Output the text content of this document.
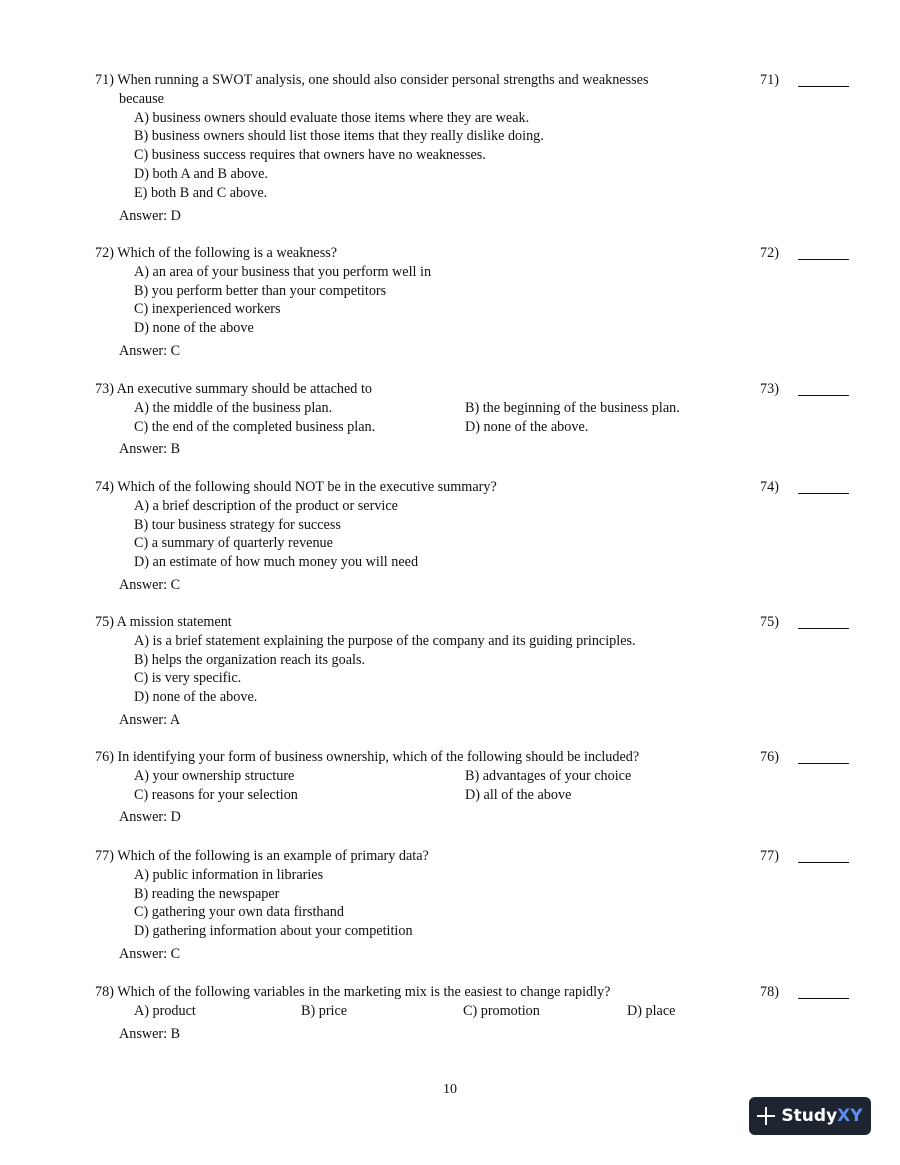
71) When running a SWOT analysis, one should also consider personal strengths and weaknesses
because
A) business owners should evaluate those items where they are weak.
B) business owners should list those items that they really dislike doing.
C) business success requires that owners have no weaknesses.
D) both A and B above.
E) both B and C above.
Answer: D
71)
72) Which of the following is a weakness?
A) an area of your business that you perform well in
B) you perform better than your competitors
C) inexperienced workers
D) none of the above
Answer: C
72)
73) An executive summary should be attached to
A) the middle of the business plan.	B) the beginning of the business plan.
C) the end of the completed business plan.	D) none of the above.
Answer: B
73)
74) Which of the following should NOT be in the executive summary?
A) a brief description of the product or service
B) tour business strategy for success
C) a summary of quarterly revenue
D) an estimate of how much money you will need
Answer: C
74)
75) A mission statement
A) is a brief statement explaining the purpose of the company and its guiding principles.
B) helps the organization reach its goals.
C) is very specific.
D) none of the above.
Answer: A
75)
76) In identifying your form of business ownership, which of the following should be included?
A) your ownership structure	B) advantages of your choice
C) reasons for your selection	D) all of the above
Answer: D
76)
77) Which of the following is an example of primary data?
A) public information in libraries
B) reading the newspaper
C) gathering your own data firsthand
D) gathering information about your competition
Answer: C
77)
78) Which of the following variables in the marketing mix is the easiest to change rapidly?
A) product	B) price	C) promotion	D) place
Answer: B
78)
10
Study XY
